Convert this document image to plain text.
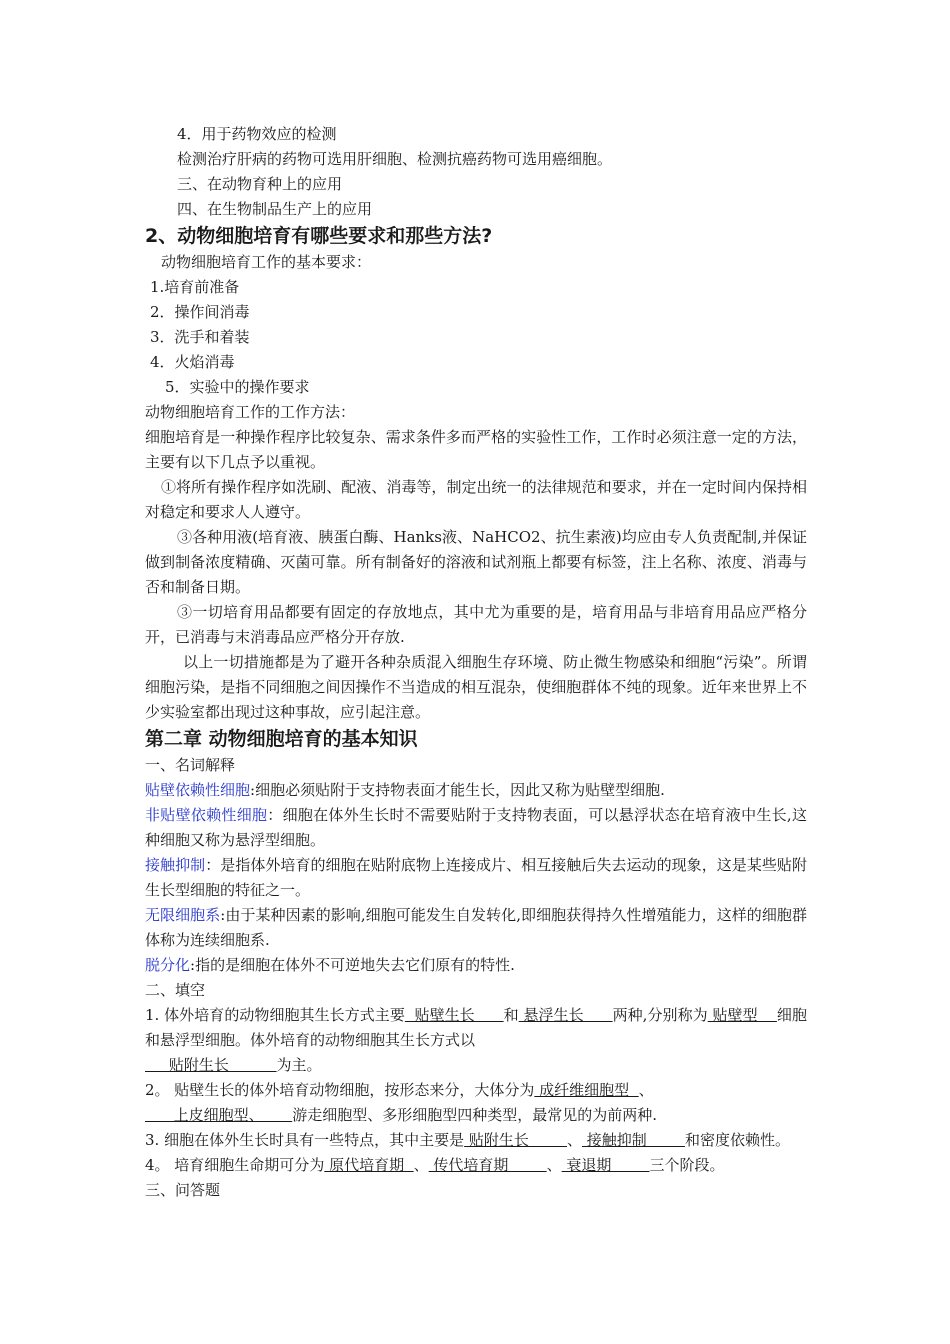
4．用于药物效应的检测
检测治疗肝病的药物可选用肝细胞、检测抗癌药物可选用癌细胞。
三、在动物育种上的应用
四、在生物制品生产上的应用
2、动物细胞培育有哪些要求和那些方法?
动物细胞培育工作的基本要求：
1.培育前准备
2．操作间消毒
3．洗手和着装
4．火焰消毒
5．实验中的操作要求
动物细胞培育工作的工作方法：
细胞培育是一种操作程序比较复杂、需求条件多而严格的实验性工作，工作时必须注意一定的方法，主要有以下几点予以重视。
①将所有操作程序如洗刷、配液、消毒等，制定出统一的法律规范和要求，并在一定时间内保持相对稳定和要求人人遵守。
③各种用液(培育液、胰蛋白酶、Hanks液、NaHCO2、抗生素液)均应由专人负责配制,并保证做到制备浓度精确、灭菌可靠。所有制备好的溶液和试剂瓶上都要有标签，注上名称、浓度、消毒与否和制备日期。
③一切培育用品都要有固定的存放地点，其中尤为重要的是，培育用品与非培育用品应严格分开，已消毒与末消毒品应严格分开存放.
以上一切措施都是为了避开各种杂质混入细胞生存环境、防止微生物感染和细胞“污染”。所谓细胞污染，是指不同细胞之间因操作不当造成的相互混杂，使细胞群体不纯的现象。近年来世界上不少实验室都出现过这种事故，应引起注意。
第二章 动物细胞培育的基本知识
一、名词解释
贴壁依赖性细胞:细胞必须贴附于支持物表面才能生长，因此又称为贴壁型细胞.
非贴壁依赖性细胞：细胞在体外生长时不需要贴附于支持物表面，可以悬浮状态在培育液中生长,这种细胞又称为悬浮型细胞。
接触抑制：是指体外培育的细胞在贴附底物上连接成片、相互接触后失去运动的现象，这是某些贴附生长型细胞的特征之一。
无限细胞系:由于某种因素的影响,细胞可能发生自发转化,即细胞获得持久性增殖能力，这样的细胞群体称为连续细胞系.
脱分化:指的是细胞在体外不可逆地失去它们原有的特性.
二、填空
1. 体外培育的动物细胞其生长方式主要  贴壁生长      和 悬浮生长      两种,分别称为 贴壁型    细胞和悬浮型细胞。体外培育的动物细胞其生长方式以
贴附生长          为主。
2。 贴壁生长的体外培育动物细胞，按形态来分，大体分为 成纤维细胞型  、
上皮细胞型、      游走细胞型、多形细胞型四种类型，最常见的为前两种.
3. 细胞在体外生长时具有一些特点，其中主要是 贴附生长        、 接触抑制        和密度依赖性。
4。 培育细胞生命期可分为 原代培育期  、 传代培育期        、 衰退期        三个阶段。
三、问答题
